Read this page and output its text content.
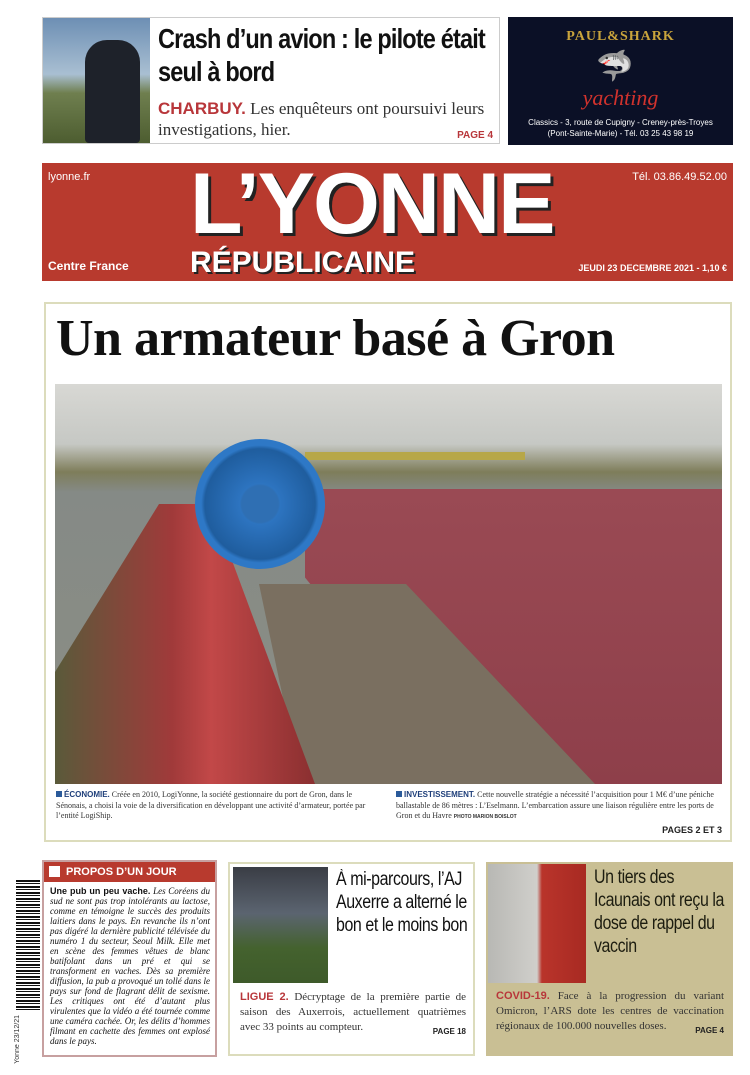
Crash d’un avion : le pilote était seul à bord

CHARBUY. Les enquêteurs ont poursuivi leurs investigations, hier.	PAGE 4

PAUL&SHARK
🦈
yachting
Classics - 3, route de Cupigny - Creney-près-Troyes
(Pont-Sainte-Marie) - Tél. 03 25 43 98 19
lyonne.fr	Tél. 03.86.49.52.00
L’YONNE
RÉPUBLICAINE
Centre France	JEUDI 23 DECEMBRE 2021 - 1,10 €
Un armateur basé à Gron
ÉCONOMIE. Créée en 2010, LogiYonne, la société gestionnaire du port de Gron, dans le Sénonais, a choisi la voie de la diversification en développant une activité d’armateur, portée par l’entité LogiShip.
INVESTISSEMENT. Cette nouvelle stratégie a nécessité l’acquisition pour 1 M€ d’une péniche ballastable de 86 mètres : L’Eselmann. L’embarcation assure une liaison régulière entre les ports de Gron et du Havre PHOTO MARION BOISLOT
PAGES 2 ET 3
Yonne 23/12/21
PROPOS D’UN JOUR

Une pub un peu vache. Les Coréens du sud ne sont pas trop intolérants au lactose, comme en témoigne le succès des produits laitiers dans le pays. En revanche ils n’ont pas digéré la dernière publicité télévisée du numéro 1 du secteur, Seoul Milk. Elle met en scène des femmes vêtues de blanc batifolant dans un pré et qui se transforment en vaches. Dès sa première diffusion, la pub a provoqué un tollé dans le pays sur fond de flagrant délit de sexisme. Les critiques ont été d’autant plus virulentes que la vidéo a été tournée comme une caméra cachée. Or, les délits d’hommes filmant en cachette des femmes ont explosé dans le pays.

À mi-parcours, l’AJ Auxerre a alterné le bon et le moins bon

LIGUE 2. Décryptage de la première partie de saison des Auxerrois, actuellement quatrièmes avec 33 points au compteur.	PAGE 18

Un tiers des Icaunais ont reçu la dose de rappel du vaccin

COVID-19. Face à la progression du variant Omicron, l’ARS dote les centres de vaccination régionaux de 100.000 nouvelles doses.	PAGE 4
